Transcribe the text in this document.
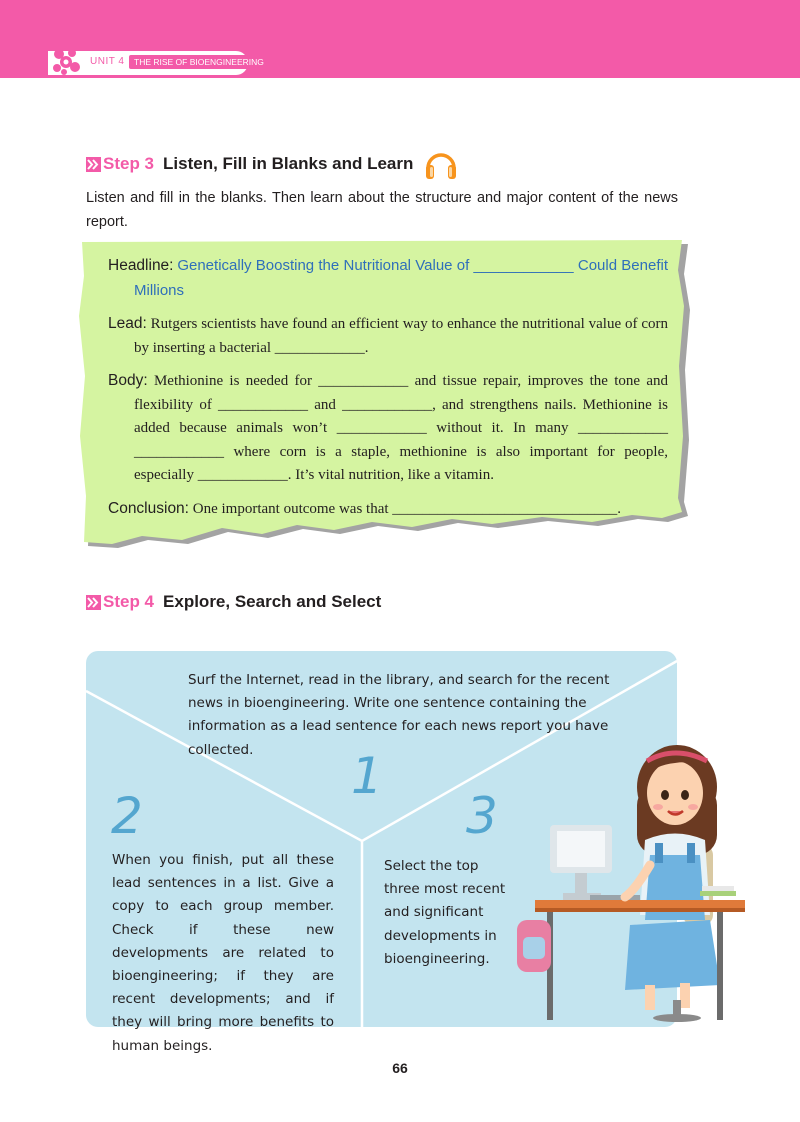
UNIT 4	THE RISE OF BIOENGINEERING
Step 3 Listen, Fill in Blanks and Learn
Listen and fill in the blanks. Then learn about the structure and major content of the news report.

Headline: Genetically Boosting the Nutritional Value of ____________ Could Benefit Millions

Lead: Rutgers scientists have found an efficient way to enhance the nutritional value of corn by inserting a bacterial ____________.

Body: Methionine is needed for ____________ and tissue repair, improves the tone and flexibility of ____________ and ____________, and strengthens nails. Methionine is added because animals won’t ____________ without it. In many ____________ ____________ where corn is a staple, methionine is also important for people, especially ____________. It’s vital nutrition, like a vitamin.

Conclusion: One important outcome was that ______________________________.

Step 4 Explore, Search and Select
Surf the Internet, read in the library, and search for the recent news in bioengineering. Write one sentence containing the information as a lead sentence for each news report you have collected.	1
2	3
When you finish, put all these lead sentences in a list. Give a copy to each group member. Check if these new developments are related to bioengineering; if they are recent developments; and if they will bring more benefits to human beings.
Select the top three most recent and significant developments in bioengineering.
66
